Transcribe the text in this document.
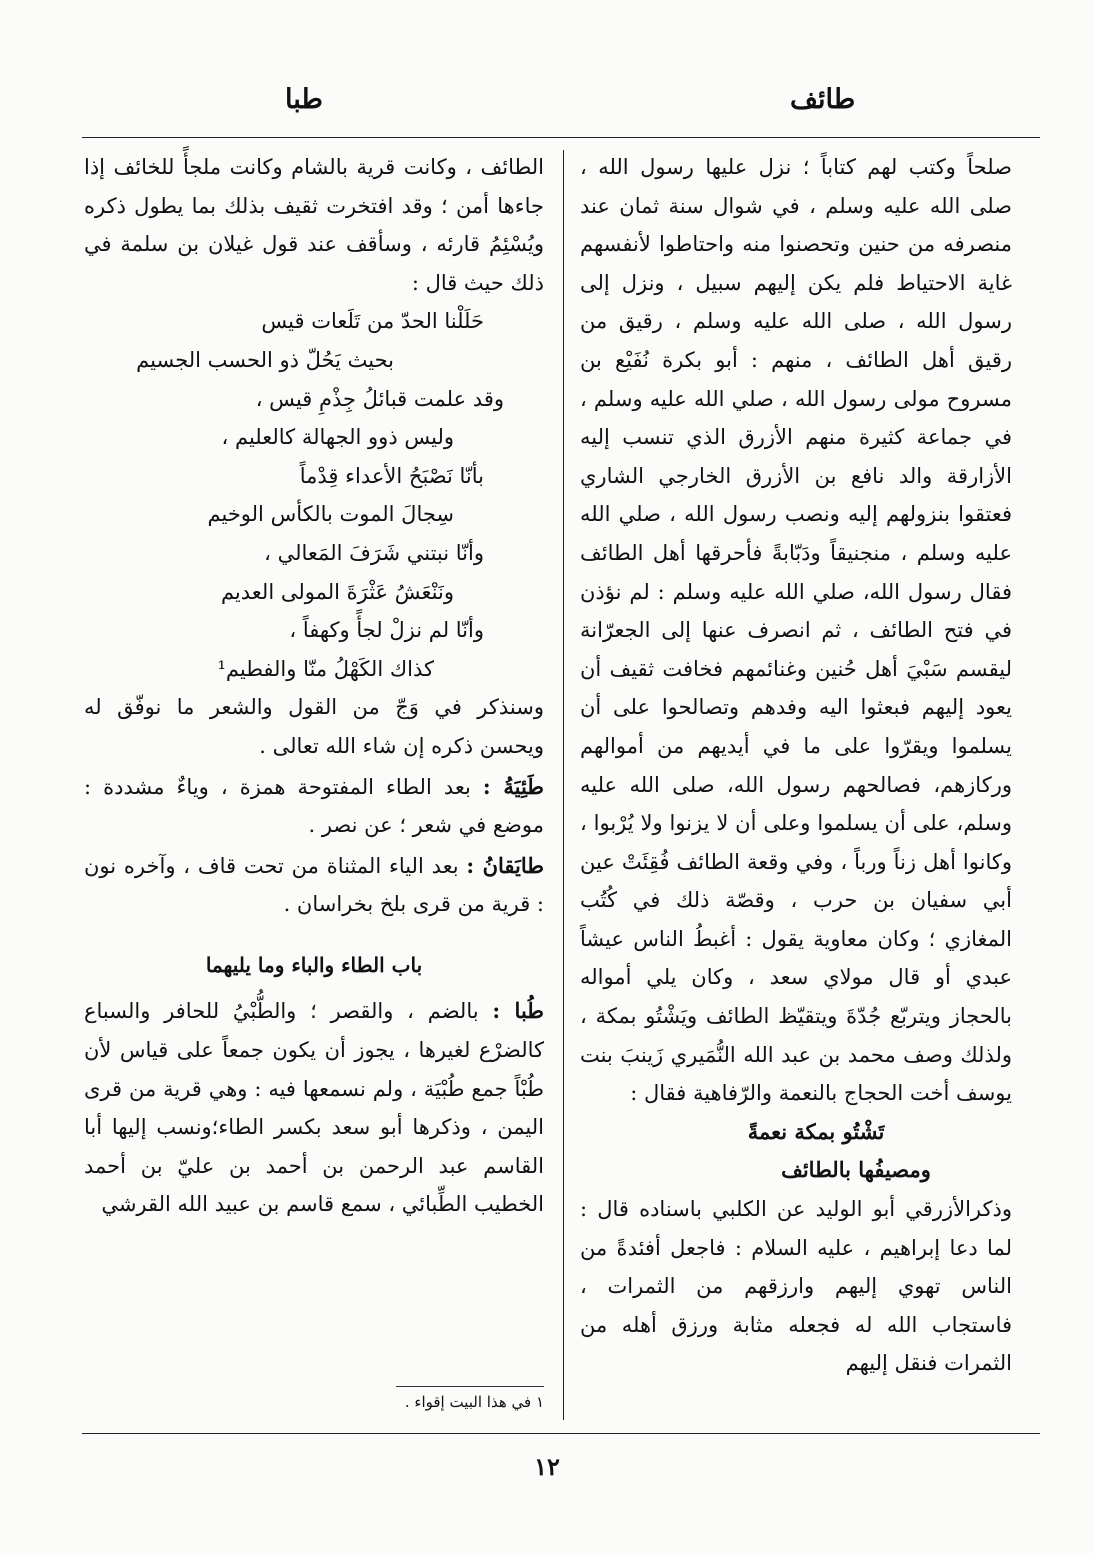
طائف
طبا

صلحاً وكتب لهم كتاباً ؛ نزل عليها رسول الله ، صلى الله عليه وسلم ، في شوال سنة ثمان عند منصرفه من حنين وتحصنوا منه واحتاطوا لأنفسهم غاية الاحتياط فلم يكن إليهم سبيل ، ونزل إلى رسول الله ، صلى الله عليه وسلم ، رقيق من رقيق أهل الطائف ، منهم : أبو بكرة نُفَيْع بن مسروح مولى رسول الله ، صلي الله عليه وسلم ، في جماعة كثيرة منهم الأزرق الذي تنسب إليه الأزارقة والد نافع بن الأزرق الخارجي الشاري فعتقوا بنزولهم إليه ونصب رسول الله ، صلي الله عليه وسلم ، منجنيقاً ودَبّابةً فأحرقها أهل الطائف فقال رسول الله، صلي الله عليه وسلم : لم نؤذن في فتح الطائف ، ثم انصرف عنها إلى الجعرّانة ليقسم سَبْيَ أهل حُنين وغنائمهم فخافت ثقيف أن يعود إليهم فبعثوا اليه وفدهم وتصالحوا على أن يسلموا ويقرّوا على ما في أيديهم من أموالهم وركازهم، فصالحهم رسول الله، صلى الله عليه وسلم، على أن يسلموا وعلى أن لا يزنوا ولا يُرْبوا ، وكانوا أهل زناً ورباً ، وفي وقعة الطائف فُقِئَتْ عين أبي سفيان بن حرب ، وقصّة ذلك في كُتُب المغازي ؛ وكان معاوية يقول : أغبطُ الناس عيشاً عبدي أو قال مولاي سعد ، وكان يلي أمواله بالحجاز ويتربّع جُدّةَ ويتقيّظ الطائف ويَشْتُو بمكة ، ولذلك وصف محمد بن عبد الله النُّمَيري زَينبَ بنت يوسف أخت الحجاج بالنعمة والرّفاهية فقال :

تَشْتُو بمكة نعمةً
ومصيفُها بالطائف

وذكرالأزرقي أبو الوليد عن الكلبي باسناده قال : لما دعا إبراهيم ، عليه السلام : فاجعل أفئدةً من الناس تهوي إليهم وارزقهم من الثمرات ، فاستجاب الله له فجعله مثابة ورزق أهله من الثمرات فنقل إليهم

الطائف ، وكانت قرية بالشام وكانت ملجأً للخائف إذا جاءها أمن ؛ وقد افتخرت ثقيف بذلك بما يطول ذكره ويُسْئِمُ قارئه ، وسأقف عند قول غيلان بن سلمة في ذلك حيث قال :

حَلَلْنا الحدّ من تَلَعات قيس
بحيث يَحُلّ ذو الحسب الجسيم
وقد علمت قبائلُ جِذْمِ قيس ،
وليس ذوو الجهالة كالعليم ،
بأنّا نَصْبَحُ الأعداء قِدْماً
سِجالَ الموت بالكأس الوخيم
وأنّا نبتني شَرَفَ المَعالي ،
ونَنْعَشُ عَثْرَةَ المولى العديم
وأنّا لم نزلْ لجأً وكهفاً ،
كذاك الكَهْلُ منّا والفطيم¹

وسنذكر في وَجّ من القول والشعر ما نوفّق له ويحسن ذكره إن شاء الله تعالى .

طَئِيَةُ : بعد الطاء المفتوحة همزة ، وياءٌ مشددة : موضع في شعر ؛ عن نصر .

طايَقانُ : بعد الياء المثناة من تحت قاف ، وآخره نون : قرية من قرى بلخ بخراسان .

باب الطاء والباء وما يليهما

طُبا : بالضم ، والقصر ؛ والطُّبْيُ للحافر والسباع كالضرْع لغيرها ، يجوز أن يكون جمعاً على قياس لأن طُبْاً جمع طُبْيَة ، ولم نسمعها فيه : وهي قرية من قرى اليمن ، وذكرها أبو سعد بكسر الطاء؛ونسب إليها أبا القاسم عبد الرحمن بن أحمد بن عليّ بن أحمد الخطيب الطِّبائي ، سمع قاسم بن عبيد الله القرشي

١ في هذا البيت إقواء .
١٢
